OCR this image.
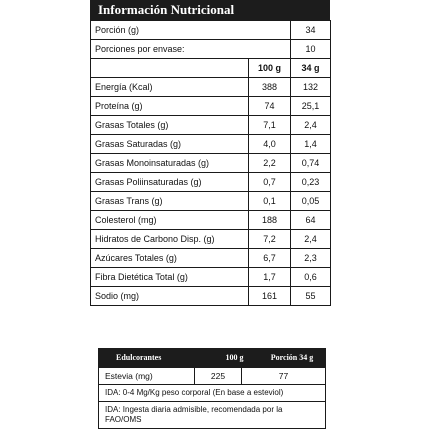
Información Nutricional
Porción (g)		34
Porciones por envase:		10
	100 g	34 g
Energía (Kcal)	388	132
Proteína (g)	74	25,1
Grasas Totales (g)	7,1	2,4
Grasas Saturadas (g)	4,0	1,4
Grasas Monoinsaturadas (g)	2,2	0,74
Grasas Poliinsaturadas (g)	0,7	0,23
Grasas Trans (g)	0,1	0,05
Colesterol (mg)	188	64
Hidratos de Carbono Disp. (g)	7,2	2,4
Azúcares Totales (g)	6,7	2,3
Fibra Dietética Total (g)	1,7	0,6
Sodio (mg)	161	55
Edulcorantes	100 g	Porción 34 g
Estevia (mg)	225	77
IDA: 0-4 Mg/Kg peso corporal (En base a esteviol)
IDA: Ingesta diaria admisible, recomendada por la FAO/OMS
